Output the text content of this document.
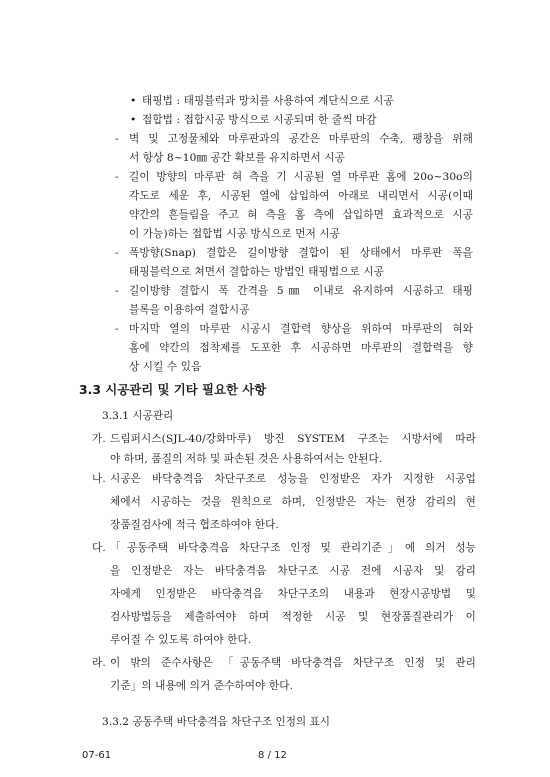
• 태핑법 : 태핑블럭과 망치를 사용하여 계단식으로 시공
• 접합법 : 접합시공 방식으로 시공되며 한 줄씩 마감
- 벽 및 고정물체와 마루판과의 공간은 마루판의 수축, 팽창을 위해
서 항상 8~10㎜ 공간 확보를 유지하면서 시공
- 길이 방향의 마루판 혀 측을 기 시공된 열 마루판 홈에 20o~30o의
각도로 세운 후, 시공된 열에 삽입하여 아래로 내리면서 시공(이때
약간의 흔들림을 주고 혀 측을 홈 측에 삽입하면 효과적으로 시공
이 가능)하는 접합법 시공 방식으로 먼저 시공
- 폭방향(Snap) 결합은 길이방향 결합이 된 상태에서 마루판 폭을
태핑블럭으로 쳐면서 결합하는 방법인 태핑법으로 시공
- 길이방향 결합시 폭 간격을 5㎜ 이내로 유지하여 시공하고 태핑
블록을 이용하여 결합시공
- 마지막 열의 마루판 시공시 결합력 향상을 위하여 마루판의 혀와
홈에 약간의 접착제를 도포한 후 시공하면 마루판의 결합력을 향
상 시킬 수 있음
3.3 시공관리 및 기타 필요한 사항
3.3.1 시공관리
가. 드림퍼시스(SJL-40/강화마루) 방진 SYSTEM 구조는 시방서에 따라
야 하며, 품질의 저하 및 파손된 것은 사용하여서는 안된다.
나. 시공은 바닥충격음 차단구조로 성능을 인정받은 자가 지정한 시공업
체에서 시공하는 것을 원칙으로 하며, 인정받은 자는 현장 감리의 현
장품질검사에 적극 협조하여야 한다.
다. 「공동주택 바닥충격음 차단구조 인정 및 관리기준」에 의거 성능
을 인정받은 자는 바닥충격음 차단구조 시공 전에 시공자 및 감리
자에게 인정받은 바닥충격음 차단구조의 내용과 현장시공방법 및
검사방법등을 제출하여야 하며 적정한 시공 및 현장품질관리가 이
루어질 수 있도록 하여야 한다.
라. 이 밖의 준수사항은 「공동주택 바닥충격음 차단구조 인정 및 관리
기준」의 내용에 의거 준수하여야 한다.
3.3.2 공동주택 바닥충격음 차단구조 인정의 표시
07-61	8 / 12
